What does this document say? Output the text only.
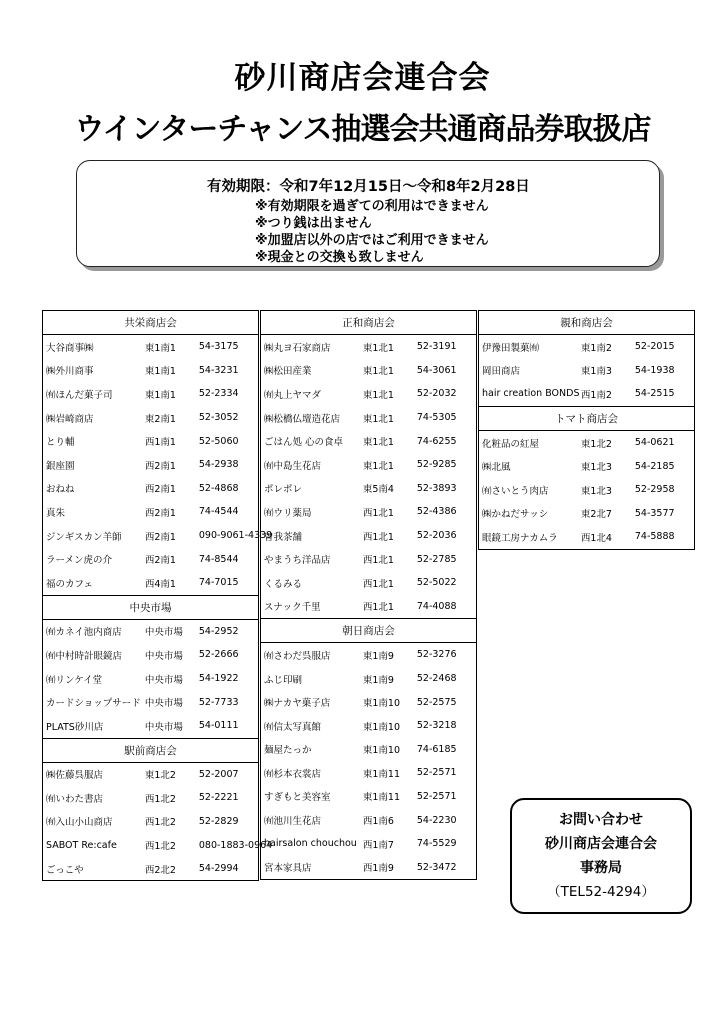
砂川商店会連合会
ウインターチャンス抽選会共通商品券取扱店
有効期限：令和7年12月15日～令和8年2月28日
※有効期限を過ぎての利用はできません
※つり銭は出ません
※加盟店以外の店ではご利用できません
※現金との交換も致しません
共栄商店会		
大谷商事㈱	東1南1	54-3175
㈱外川商事	東1南1	54-3231
㈲ほんだ菓子司	東1南1	52-2334
㈱岩崎商店	東2南1	52-3052
とり輔	西1南1	52-5060
銀座園	西2南1	54-2938
おねね	西2南1	52-4868
真朱	西2南1	74-4544
ジンギスカン羊師	西2南1	090-9061-4339
ラーメン虎の介	西2南1	74-8544
福のカフェ	西4南1	74-7015
中央市場		
㈲カネイ池内商店	中央市場	54-2952
㈲中村時計眼鏡店	中央市場	52-2666
㈲リンケイ堂	中央市場	54-1922
カードショップサード	中央市場	52-7733
PLATS砂川店	中央市場	54-0111
駅前商店会		
㈱佐藤呉服店	東1北2	52-2007
㈲いわた書店	西1北2	52-2221
㈲入山小山商店	西1北2	52-2829
SABOT Re:cafe	西1北2	080-1883-0964
ごっこや	西2北2	54-2994
正和商店会		
㈱丸ヨ石家商店	東1北1	52-3191
㈱松田産業	東1北1	54-3061
㈲丸上ヤマダ	東1北1	52-2032
㈱松橋仏壇造花店	東1北1	74-5305
ごはん処 心の食卓	東1北1	74-6255
㈲中島生花店	東1北1	52-9285
ポレポレ	東5南4	52-3893
㈲ウリ薬局	西1北1	52-4386
曽我茶舗	西1北1	52-2036
やまうち洋品店	西1北1	52-2785
くるみる	西1北1	52-5022
スナック千里	西1北1	74-4088
朝日商店会		
㈲さわだ呉服店	東1南9	52-3276
ふじ印刷	東1南9	52-2468
㈱ナカヤ菓子店	東1南10	52-2575
㈲信太写真館	東1南10	52-3218
麺屋たっか	東1南10	74-6185
㈲杉本衣裳店	東1南11	52-2571
すぎもと美容室	東1南11	52-2571
㈲池川生花店	西1南6	54-2230
hairsalon chouchou	西1南7	74-5529
宮本家具店	西1南9	52-3472
親和商店会		
伊豫田製菓㈲	東1南2	52-2015
岡田商店	東1南3	54-1938
hair creation BONDS	西1南2	54-2515
トマト商店会		
化粧品の紅屋	東1北2	54-0621
㈱北風	東1北3	54-2185
㈲さいとう肉店	東1北3	52-2958
㈱かねだサッシ	東2北7	54-3577
眼鏡工房ナカムラ	西1北4	74-5888
お問い合わせ
砂川商店会連合会
事務局
（TEL52-4294）
